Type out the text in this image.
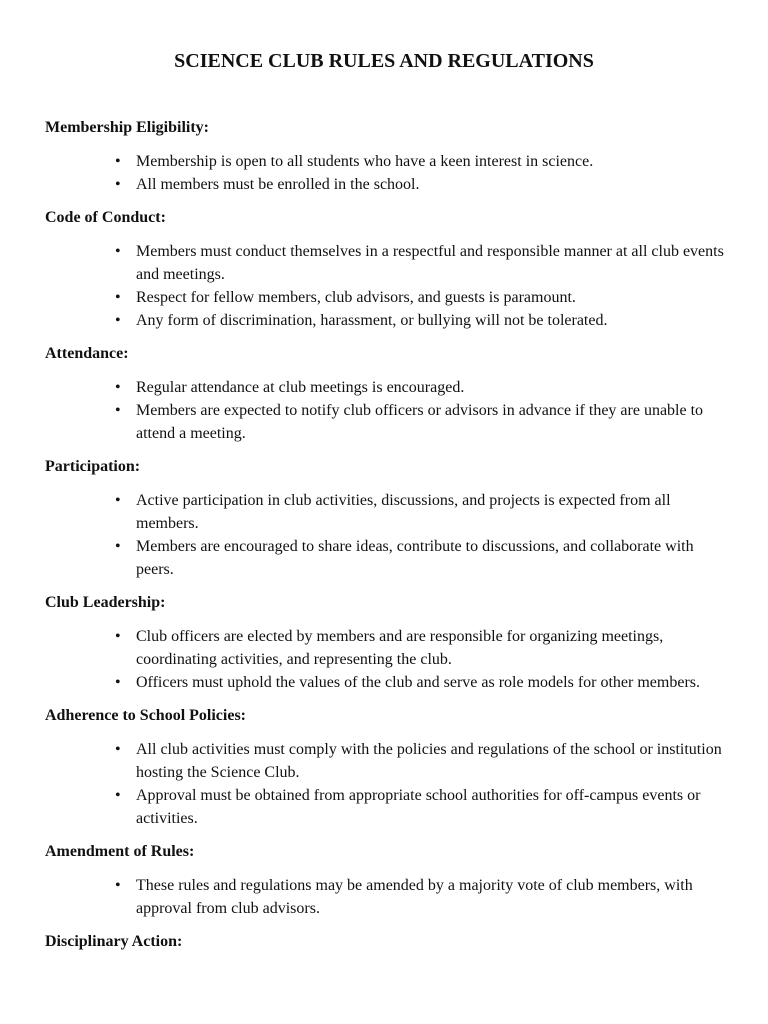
SCIENCE CLUB RULES AND REGULATIONS

Membership Eligibility:

• Membership is open to all students who have a keen interest in science.
• All members must be enrolled in the school.

Code of Conduct:

• Members must conduct themselves in a respectful and responsible manner at all club events and meetings.
• Respect for fellow members, club advisors, and guests is paramount.
• Any form of discrimination, harassment, or bullying will not be tolerated.

Attendance:

• Regular attendance at club meetings is encouraged.
• Members are expected to notify club officers or advisors in advance if they are unable to attend a meeting.

Participation:

• Active participation in club activities, discussions, and projects is expected from all members.
• Members are encouraged to share ideas, contribute to discussions, and collaborate with peers.

Club Leadership:

• Club officers are elected by members and are responsible for organizing meetings, coordinating activities, and representing the club.
• Officers must uphold the values of the club and serve as role models for other members.

Adherence to School Policies:

• All club activities must comply with the policies and regulations of the school or institution hosting the Science Club.
• Approval must be obtained from appropriate school authorities for off-campus events or activities.

Amendment of Rules:

• These rules and regulations may be amended by a majority vote of club members, with approval from club advisors.

Disciplinary Action:
